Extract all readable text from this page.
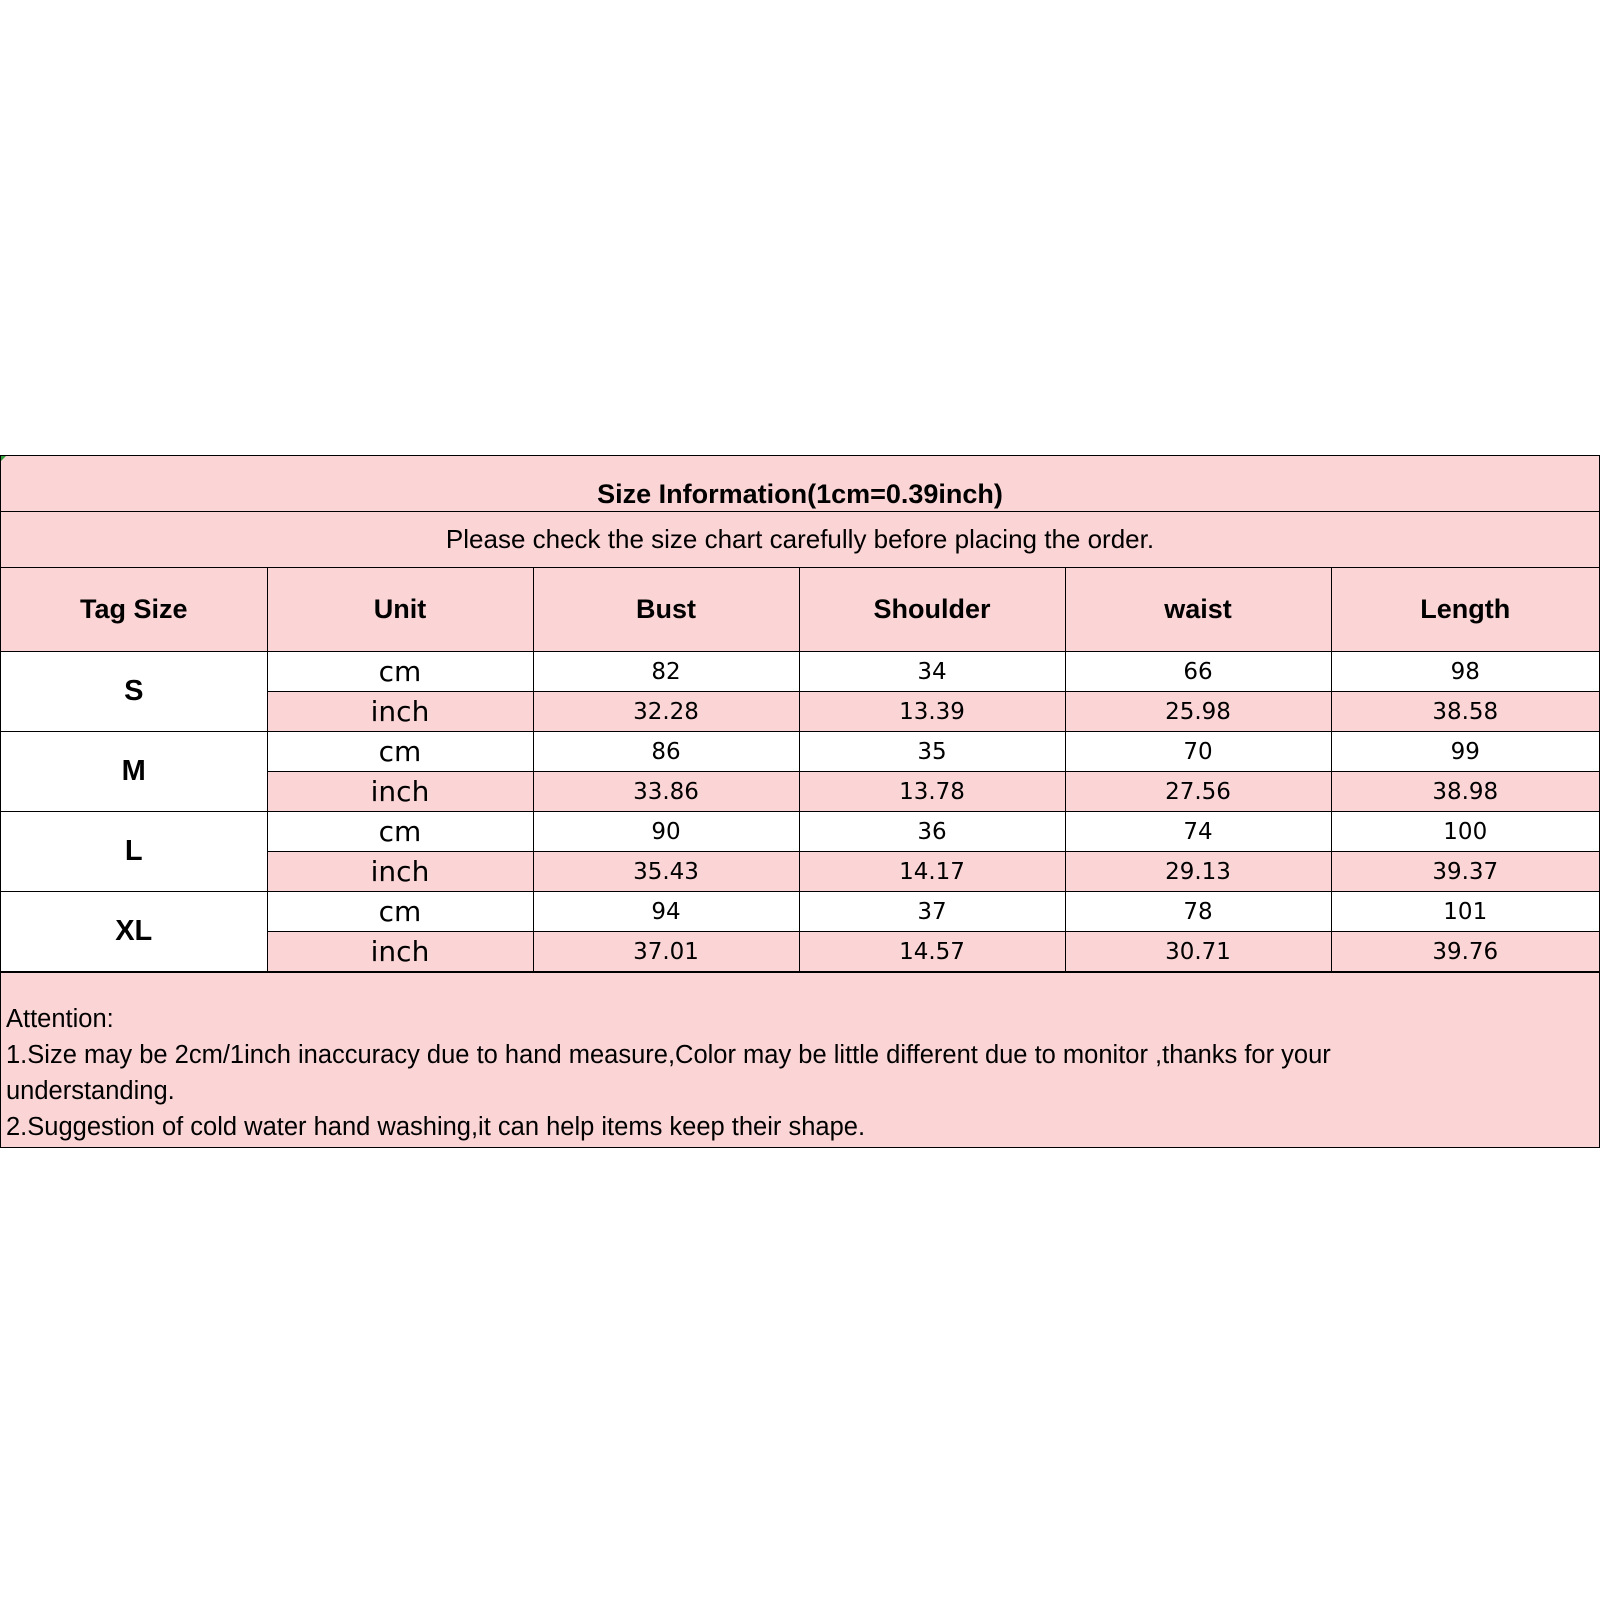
Size Information(1cm=0.39inch)
Please check the size chart carefully before placing the order.
Tag Size	Unit	Bust	Shoulder	waist	Length
S	cm	82	34	66	98
	inch	32.28	13.39	25.98	38.58
M	cm	86	35	70	99
	inch	33.86	13.78	27.56	38.98
L	cm	90	36	74	100
	inch	35.43	14.17	29.13	39.37
XL	cm	94	37	78	101
	inch	37.01	14.57	30.71	39.76
Attention:
1.Size may be 2cm/1inch inaccuracy due to hand measure,Color may be little different due to monitor ,thanks for your
understanding.
2.Suggestion of cold water hand washing,it can help items keep their shape.
